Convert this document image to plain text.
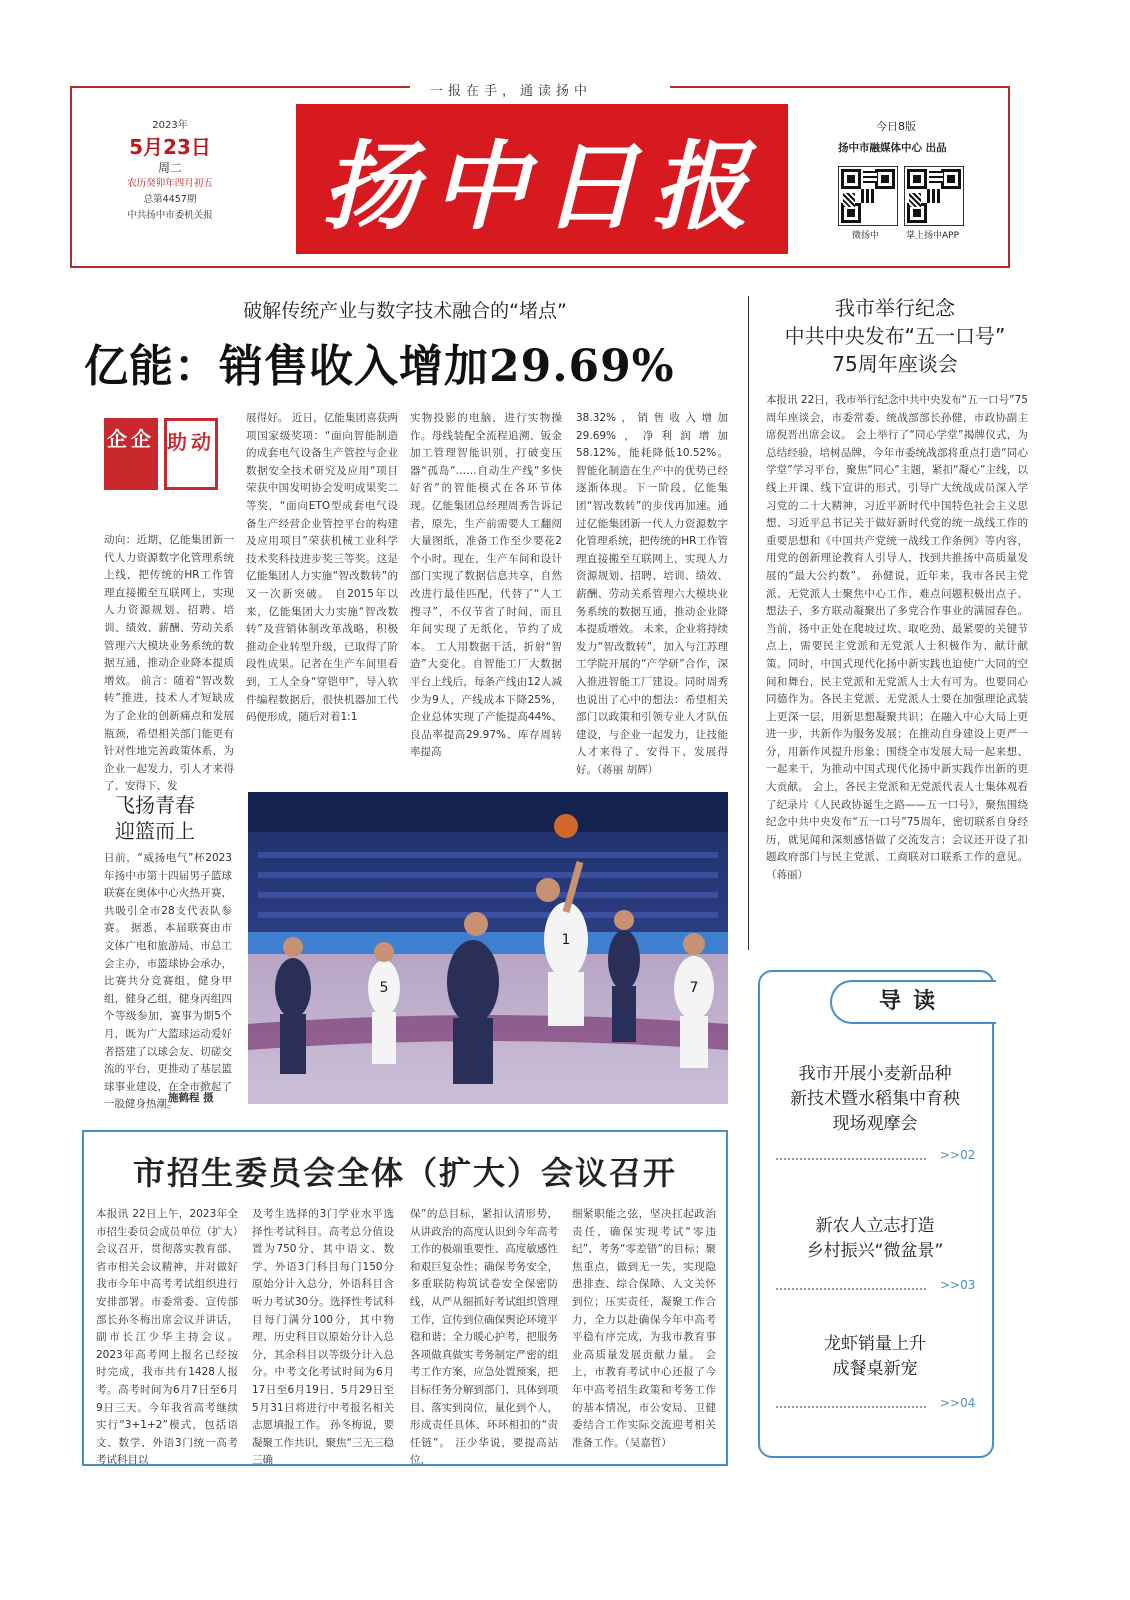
一报在手，通读扬中
2023年
5月23日
周二
农历癸卯年四月初五
总第4457期
中共扬中市委机关报 扬中日报
今日8版
扬中市融媒体中心 出品
微扬中	掌上扬中APP
破解传统产业与数字技术融合的“堵点”
亿能：销售收入增加29.69%
企企 助动

动向：近期，亿能集团新一代人力资源数字化管理系统上线，把传统的HR工作管理直接搬至互联网上，实现人力资源规划、招聘、培训、绩效、薪酬、劳动关系管理六大模块业务系统的数据互通，推动企业降本提质增效。 前言：随着“智改数转”推进，技术人才短缺成为了企业的创新痛点和发展瓶颈，希望相关部门能更有针对性地完善政策体系，为企业一起发力，引人才来得了、安得下、发

展得好。 近日，亿能集团喜获两项国家级奖项：“面向智能制造的成套电气设备生产管控与企业数据安全技术研究及应用”项目荣获中国发明协会发明成果奖二等奖，“面向ETO型成套电气设备生产经营企业管控平台的构建及应用项目”荣获机械工业科学技术奖科技进步奖三等奖。这是亿能集团人力实施“智改数转”的又一次新突破。 自2015年以来，亿能集团大力实施“智改数转”及营销体制改革战略，积极推动企业转型升级，已取得了阶段性成果。记者在生产车间里看到，工人全身“穿铠甲”，导入软件编程数据后，很快机器加工代码便形成，随后对着1:1

实物投影的电脑，进行实物操作。母线装配全流程追溯、钣金加工管理智能识别，打破变压器“孤岛”……自动生产线“多快好省”的智能模式在各环节体现。亿能集团总经理周秀告诉记者，原先，生产前需要人工翻阅大量图纸，准备工作至少要花2个小时。现在，生产车间和设计部门实现了数据信息共享，自然改进行最佳匹配，代替了“人工搜寻”，不仅节省了时间，而且年间实现了无纸化，节约了成本。 工人用数据干活，折射“智造”大变化。自智能工厂大数据平台上线后，每条产线由12人减少为9人，产线成本下降25%，企业总体实现了产能提高44%、良品率提高29.97%、库存周转率提高

38.32%，销售收入增加29.69%，净利润增加58.12%，能耗降低10.52%。智能化制造在生产中的优势已经逐渐体现。下一阶段，亿能集团“智改数转”的步伐再加速。通过亿能集团新一代人力资源数字化管理系统，把传统的HR工作管理直接搬至互联网上，实现人力资源规划、招聘、培训、绩效、薪酬、劳动关系管理六大模块业务系统的数据互通，推动企业降本提质增效。 未来，企业将持续发力“智改数转”，加入与江苏理工学院开展的“产学研”合作，深入推进智能工厂建设。同时周秀也说出了心中的想法：希望相关部门以政策和引领专业人才队伍建设，与企业一起发力，让技能人才来得了、安得下、发展得好。（蒋丽 胡辉）

我市举行纪念
中共中央发布“五一口号”
75周年座谈会

本报讯 22日，我市举行纪念中共中央发布“五一口号”75周年座谈会，市委常委、统战部部长孙健，市政协副主席倪晋出席会议。 会上举行了“同心学堂”揭牌仪式，为总结经验，培树品牌，今年市委统战部将重点打造“同心学堂”学习平台，聚焦“同心”主题，紧扣“凝心”主线，以线上开课、线下宣讲的形式，引导广大统战成员深入学习党的二十大精神，习近平新时代中国特色社会主义思想、习近平总书记关于做好新时代党的统一战线工作的重要思想和《中国共产党统一战线工作条例》等内容，用党的创新理论教育人引导人，找到共推扬中高质量发展的“最大公约数”。 孙健说，近年来，我市各民主党派、无党派人士聚焦中心工作、难点问题积极出点子、想法子，多方联动凝聚出了多党合作事业的满园春色。当前，扬中正处在爬坡过坎、取吃劲、最紧要的关键节点上，需要民主党派和无党派人士积极作为、献计献策。同时，中国式现代化扬中新实践也迫使广大同的空间和舞台，民主党派和无党派人士大有可为。也要同心同德作为。各民主党派、无党派人士要在加强理论武装上更深一层，用新思想凝聚共识；在融入中心大局上更进一步，共新作为服务发展；在推动自身建设上更严一分，用新作风提升形象；围绕全市发展大局一起来想、一起来干，为推动中国式现代化扬中新实践作出新的更大贡献。 会上，各民主党派和无党派代表人士集体观看了纪录片《人民政协诞生之路——五一口号》，聚焦围绕纪念中共中央发布“五一口号”75周年，密切联系自身经历，就见闻和深刻感悟做了交流发言；会议还开设了扣题政府部门与民主党派、工商联对口联系工作的意见。（蒋丽）

飞扬青春
迎篮而上

日前，“威扬电气”杯2023年扬中市第十四届男子篮球联赛在奥体中心火热开赛，共吸引全市28支代表队参赛。 据悉，本届联赛由市文体广电和旅游局、市总工会主办，市篮球协会承办，比赛共分竞赛组，健身甲组，健身乙组，健身丙组四个等级参加，赛事为期5个月，既为广大篮球运动爱好者搭建了以球会友、切磋交流的平台，更推动了基层篮球事业建设，在全市掀起了一股健身热潮。

施鹤程 摄
1
7
5
市招生委员会全体（扩大）会议召开

本报讯 22日上午，2023年全市招生委员会成员单位（扩大）会议召开，贯彻落实教育部、省市相关会议精神，并对做好我市今年中高考考试组织进行安排部署。市委常委、宣传部部长孙冬梅出席会议并讲话，副市长江少华主持会议。 2023年高考网上报名已经按时完成，我市共有1428人报考。高考时间为6月7日至6月9日三天。今年我省高考继续实行“3+1+2”模式，包括语文、数学、外语3门统一高考考试科目以

及考生选择的3门学业水平选择性考试科目。高考总分值设置为750分，其中语文、数学、外语3门科目每门150分原始分计入总分，外语科目含听力考试30分。选择性考试科目每门满分100分，其中物理、历史科目以原始分计入总分，其余科目以等级分计入总分。中考文化考试时间为6月17日至6月19日、5月29日至5月31日将进行中考报名相关志愿填报工作。 孙冬梅说，要凝聚工作共识，聚焦“三无三稳三确

保”的总目标，紧扣认清形势，从讲政治的高度认识到今年高考工作的极端重要性、高度敏感性和艰巨复杂性；确保考务安全，多重联防构筑试卷安全保密防线，从严从细抓好考试组织管理工作，宣传到位确保舆论环境平稳和谐；全力暖心护考，把服务各项做真做实考务制定严密的组考工作方案，应急处置预案，把目标任务分解到部门、具体到项目、落实到岗位，量化到个人，形成责任具体、环环相扣的“责任链”。 汪少华说，要提高站位，

细紧职能之弦，坚决扛起政治责任，确保实现考试“零违纪”、考务“零差错”的目标；聚焦重点，做到无一失，实现隐患排查、综合保障、人文关怀到位；压实责任，凝聚工作合力，全力以赴确保今年中高考平稳有序完成，为我市教育事业高质量发展贡献力量。 会上，市教育考试中心还报了今年中高考招生政策和考务工作的基本情况，市公安局、卫健委结合工作实际交流迎考相关准备工作。（吴嘉哲）

导读
我市开展小麦新品种
新技术暨水稻集中育秧
现场观摩会
>>02
新农人立志打造
乡村振兴“微盆景”
>>03
龙虾销量上升
成餐桌新宠
>>04
